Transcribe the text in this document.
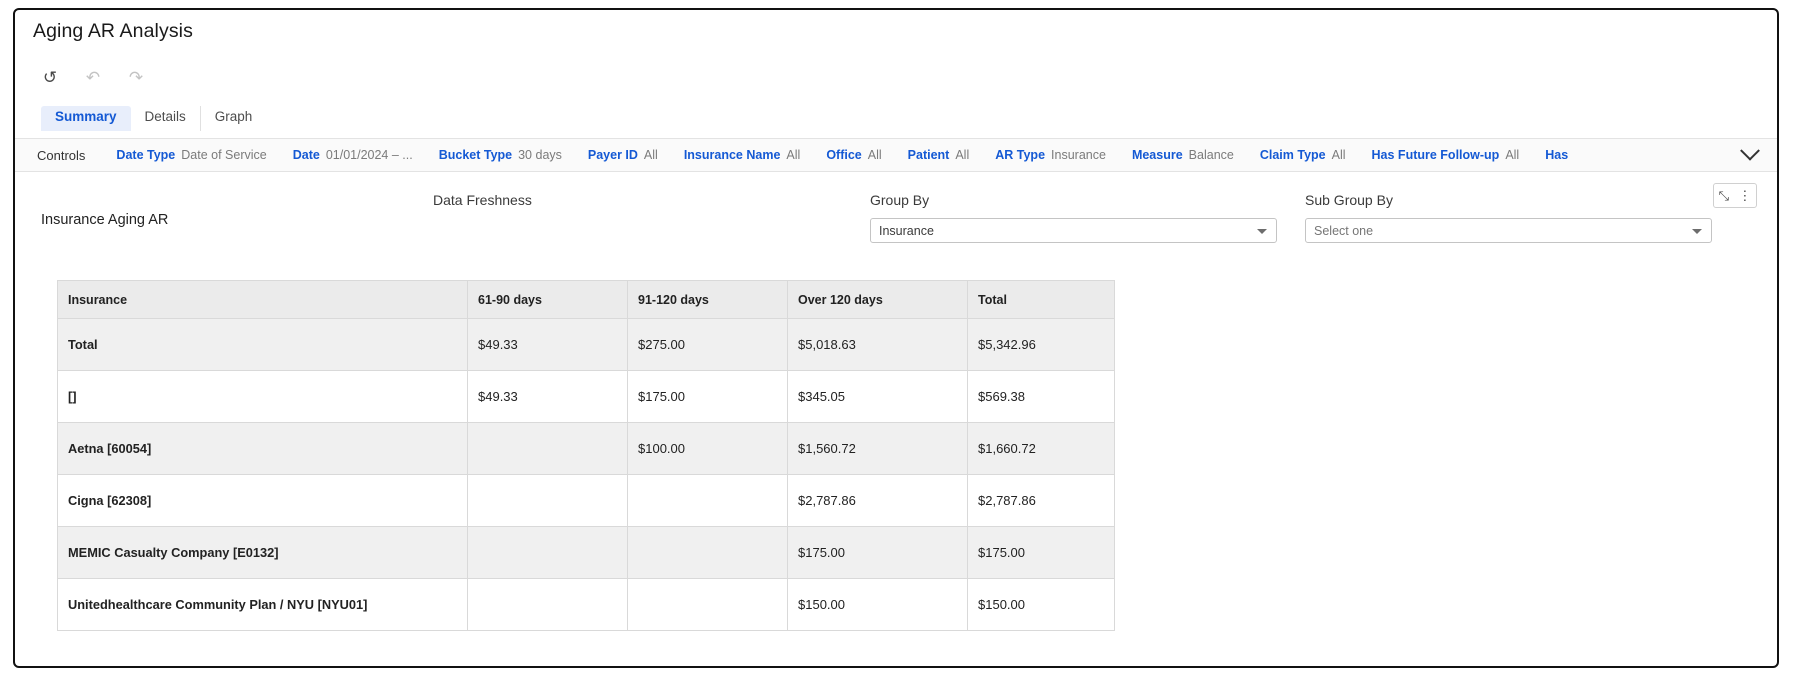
Aging AR Analysis
↺ ↶ ↷
Summary	Details	Graph
Controls	Date Type Date of Service Date 01/01/2024 – ... Bucket Type 30 days Payer ID All Insurance Name All Office All Patient All AR Type Insurance Measure Balance Claim Type All Has Future Follow-up All Has
Insurance Aging AR
Data Freshness	Group By
Insurance
Sub Group By
Select one
⤡ ⋮
Insurance	61-90 days	91-120 days	Over 120 days	Total
Total	$49.33	$275.00	$5,018.63	$5,342.96
[]	$49.33	$175.00	$345.05	$569.38
Aetna [60054]		$100.00	$1,560.72	$1,660.72
Cigna [62308]			$2,787.86	$2,787.86
MEMIC Casualty Company [E0132]			$175.00	$175.00
Unitedhealthcare Community Plan / NYU [NYU01]			$150.00	$150.00
